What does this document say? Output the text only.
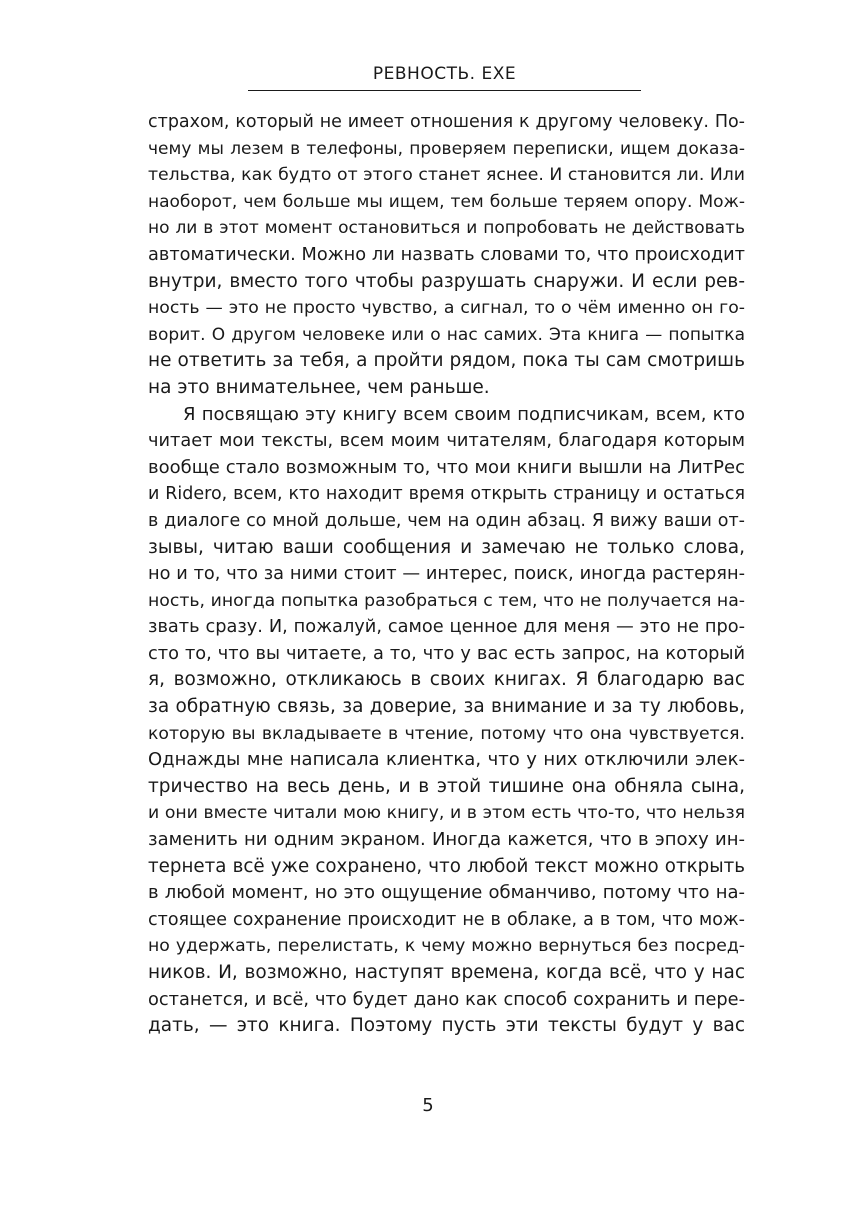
РЕВНОСТЬ. EXE
страхом, который не имеет отношения к другому человеку. По-
чему мы лезем в телефоны, проверяем переписки, ищем доказа-
тельства, как будто от этого станет яснее. И становится ли. Или
наоборот, чем больше мы ищем, тем больше теряем опору. Мож-
но ли в этот момент остановиться и попробовать не действовать
автоматически. Можно ли назвать словами то, что происходит
внутри, вместо того чтобы разрушать снаружи. И если рев-
ность — это не просто чувство, а сигнал, то о чём именно он го-
ворит. О другом человеке или о нас самих. Эта книга — попытка
не ответить за тебя, а пройти рядом, пока ты сам смотришь
на это внимательнее, чем раньше.
Я посвящаю эту книгу всем своим подписчикам, всем, кто
читает мои тексты, всем моим читателям, благодаря которым
вообще стало возможным то, что мои книги вышли на ЛитРес
и Ridero, всем, кто находит время открыть страницу и остаться
в диалоге со мной дольше, чем на один абзац. Я вижу ваши от-
зывы, читаю ваши сообщения и замечаю не только слова,
но и то, что за ними стоит — интерес, поиск, иногда растерян-
ность, иногда попытка разобраться с тем, что не получается на-
звать сразу. И, пожалуй, самое ценное для меня — это не про-
сто то, что вы читаете, а то, что у вас есть запрос, на который
я, возможно, откликаюсь в своих книгах. Я благодарю вас
за обратную связь, за доверие, за внимание и за ту любовь,
которую вы вкладываете в чтение, потому что она чувствуется.
Однажды мне написала клиентка, что у них отключили элек-
тричество на весь день, и в этой тишине она обняла сына,
и они вместе читали мою книгу, и в этом есть что-то, что нельзя
заменить ни одним экраном. Иногда кажется, что в эпоху ин-
тернета всё уже сохранено, что любой текст можно открыть
в любой момент, но это ощущение обманчиво, потому что на-
стоящее сохранение происходит не в облаке, а в том, что мож-
но удержать, перелистать, к чему можно вернуться без посред-
ников. И, возможно, наступят времена, когда всё, что у нас
останется, и всё, что будет дано как способ сохранить и пере-
дать, — это книга. Поэтому пусть эти тексты будут у вас
5
